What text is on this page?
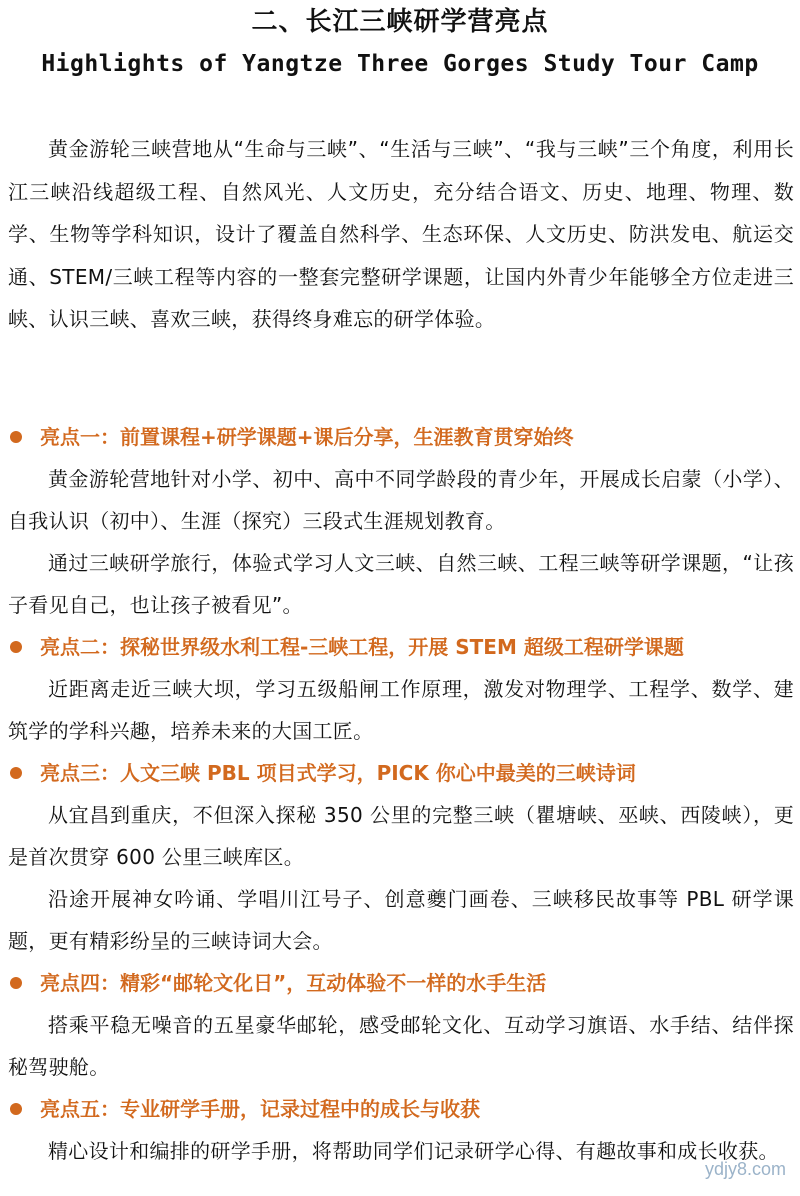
二、长江三峡研学营亮点
Highlights of Yangtze Three Gorges Study Tour Camp

黄金游轮三峡营地从“生命与三峡”、“生活与三峡”、“我与三峡”三个角度，利用长江三峡沿线超级工程、自然风光、人文历史，充分结合语文、历史、地理、物理、数学、生物等学科知识，设计了覆盖自然科学、生态环保、人文历史、防洪发电、航运交通、STEM/三峡工程等内容的一整套完整研学课题，让国内外青少年能够全方位走进三峡、认识三峡、喜欢三峡，获得终身难忘的研学体验。

亮点一：前置课程+研学课题+课后分享，生涯教育贯穿始终

黄金游轮营地针对小学、初中、高中不同学龄段的青少年，开展成长启蒙（小学）、自我认识（初中）、生涯（探究）三段式生涯规划教育。

通过三峡研学旅行，体验式学习人文三峡、自然三峡、工程三峡等研学课题，“让孩子看见自己，也让孩子被看见”。

亮点二：探秘世界级水利工程-三峡工程，开展 STEM 超级工程研学课题

近距离走近三峡大坝，学习五级船闸工作原理，激发对物理学、工程学、数学、建筑学的学科兴趣，培养未来的大国工匠。

亮点三：人文三峡 PBL 项目式学习，PICK 你心中最美的三峡诗词

从宜昌到重庆，不但深入探秘 350 公里的完整三峡（瞿塘峡、巫峡、西陵峡），更是首次贯穿 600 公里三峡库区。

沿途开展神女吟诵、学唱川江号子、创意夔门画卷、三峡移民故事等 PBL 研学课题，更有精彩纷呈的三峡诗词大会。

亮点四：精彩“邮轮文化日”，互动体验不一样的水手生活

搭乘平稳无噪音的五星豪华邮轮，感受邮轮文化、互动学习旗语、水手结、结伴探秘驾驶舱。

亮点五：专业研学手册，记录过程中的成长与收获

精心设计和编排的研学手册，将帮助同学们记录研学心得、有趣故事和成长收获。

ydjy8.com
